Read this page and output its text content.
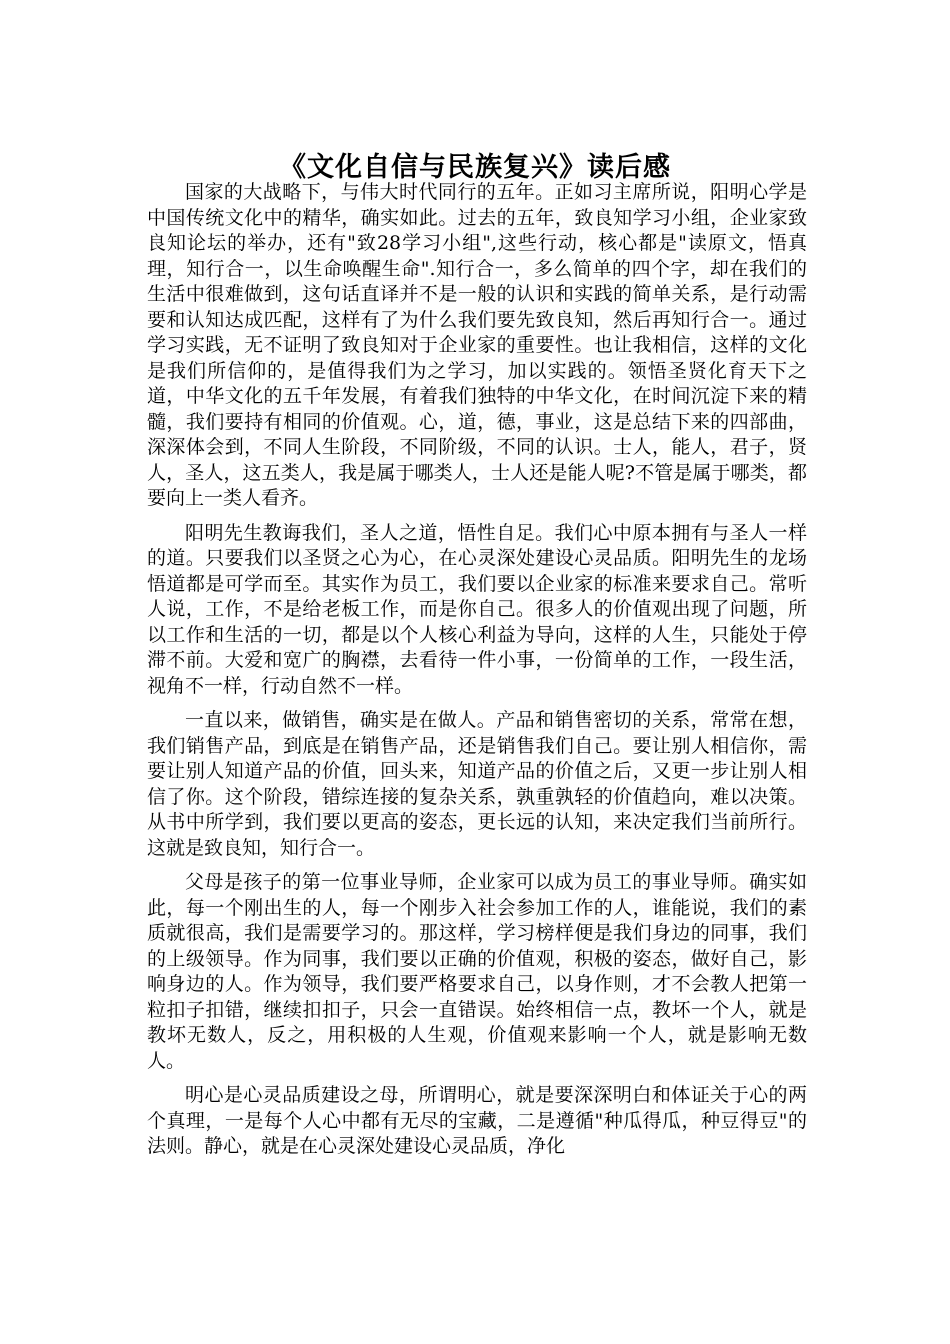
《文化自信与民族复兴》读后感

国家的大战略下，与伟大时代同行的五年。正如习主席所说，阳明心学是中国传统文化中的精华，确实如此。过去的五年，致良知学习小组，企业家致良知论坛的举办，还有"致28学习小组",这些行动，核心都是"读原文，悟真理，知行合一，以生命唤醒生命".知行合一，多么简单的四个字，却在我们的生活中很难做到，这句话直译并不是一般的认识和实践的简单关系，是行动需要和认知达成匹配，这样有了为什么我们要先致良知，然后再知行合一。通过学习实践，无不证明了致良知对于企业家的重要性。也让我相信，这样的文化是我们所信仰的，是值得我们为之学习，加以实践的。领悟圣贤化育天下之道，中华文化的五千年发展，有着我们独特的中华文化，在时间沉淀下来的精髓，我们要持有相同的价值观。心，道，德，事业，这是总结下来的四部曲，深深体会到，不同人生阶段，不同阶级，不同的认识。士人，能人，君子，贤人，圣人，这五类人，我是属于哪类人，士人还是能人呢?不管是属于哪类，都要向上一类人看齐。

阳明先生教诲我们，圣人之道，悟性自足。我们心中原本拥有与圣人一样的道。只要我们以圣贤之心为心，在心灵深处建设心灵品质。阳明先生的龙场悟道都是可学而至。其实作为员工，我们要以企业家的标准来要求自己。常听人说，工作，不是给老板工作，而是你自己。很多人的价值观出现了问题，所以工作和生活的一切，都是以个人核心利益为导向，这样的人生，只能处于停滞不前。大爱和宽广的胸襟，去看待一件小事，一份简单的工作，一段生活，视角不一样，行动自然不一样。

一直以来，做销售，确实是在做人。产品和销售密切的关系，常常在想，我们销售产品，到底是在销售产品，还是销售我们自己。要让别人相信你，需要让别人知道产品的价值，回头来，知道产品的价值之后，又更一步让别人相信了你。这个阶段，错综连接的复杂关系，孰重孰轻的价值趋向，难以决策。从书中所学到，我们要以更高的姿态，更长远的认知，来决定我们当前所行。这就是致良知，知行合一。

父母是孩子的第一位事业导师，企业家可以成为员工的事业导师。确实如此，每一个刚出生的人，每一个刚步入社会参加工作的人，谁能说，我们的素质就很高，我们是需要学习的。那这样，学习榜样便是我们身边的同事，我们的上级领导。作为同事，我们要以正确的价值观，积极的姿态，做好自己，影响身边的人。作为领导，我们要严格要求自己，以身作则，才不会教人把第一粒扣子扣错，继续扣扣子，只会一直错误。始终相信一点，教坏一个人，就是教坏无数人，反之，用积极的人生观，价值观来影响一个人，就是影响无数人。

明心是心灵品质建设之母，所谓明心，就是要深深明白和体证关于心的两个真理，一是每个人心中都有无尽的宝藏，二是遵循"种瓜得瓜，种豆得豆"的法则。静心，就是在心灵深处建设心灵品质，净化
